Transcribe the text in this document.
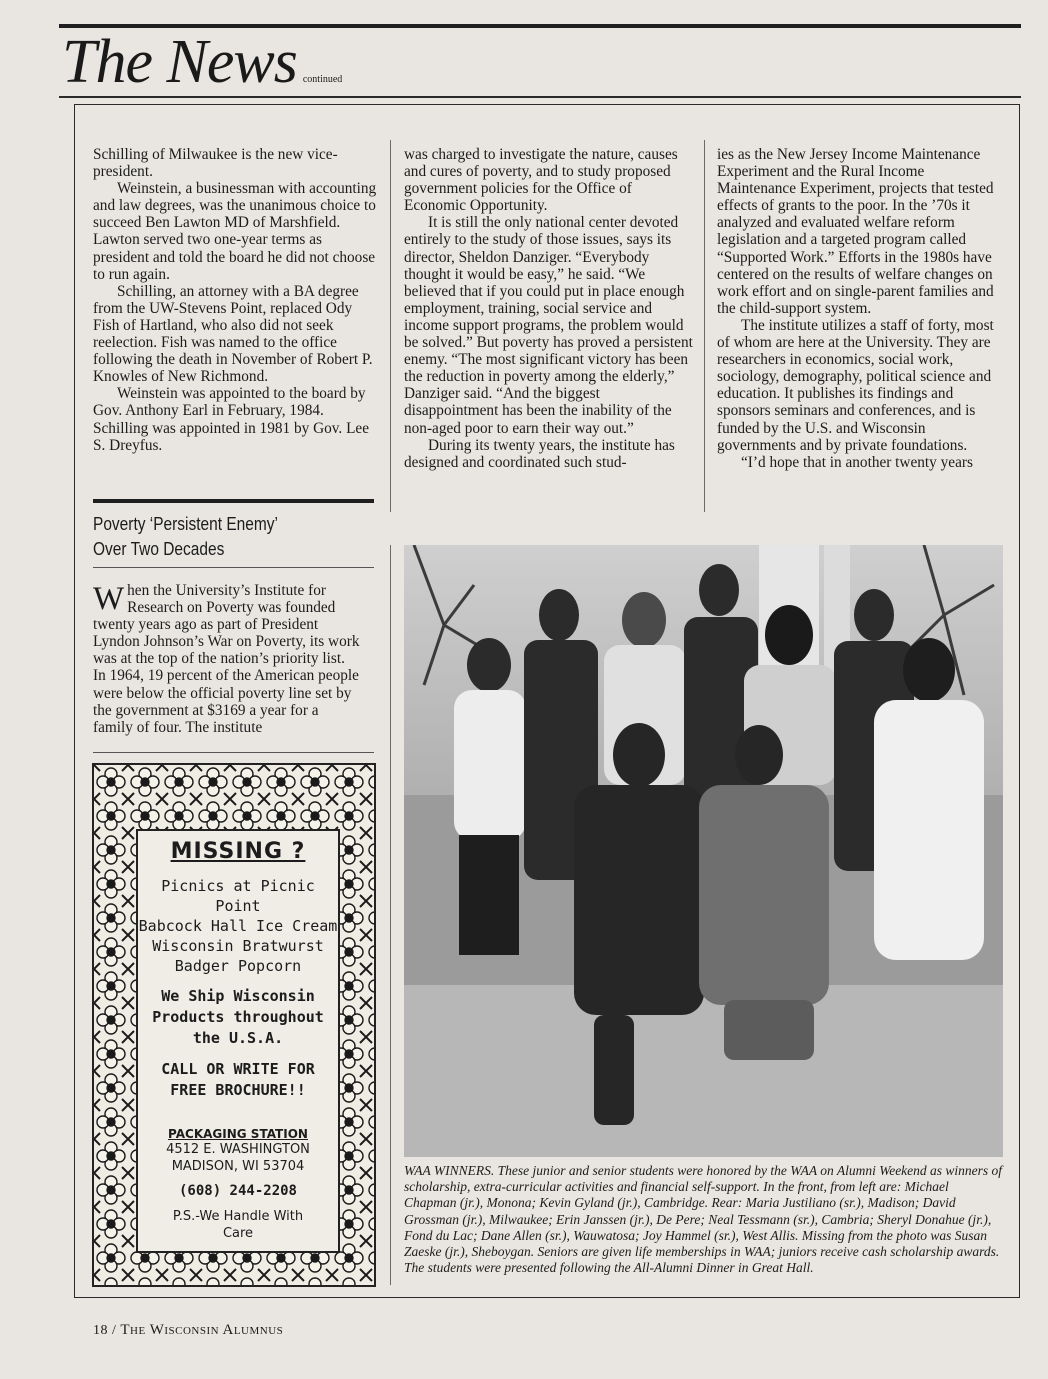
The News continued

Schilling of Milwaukee is the new vice-president.

Weinstein, a businessman with accounting and law degrees, was the unanimous choice to succeed Ben Lawton MD of Marshfield. Lawton served two one-year terms as president and told the board he did not choose to run again.

Schilling, an attorney with a BA degree from the UW-Stevens Point, replaced Ody Fish of Hartland, who also did not seek reelection. Fish was named to the office following the death in November of Robert P. Knowles of New Richmond.

Weinstein was appointed to the board by Gov. Anthony Earl in February, 1984. Schilling was appointed in 1981 by Gov. Lee S. Dreyfus.

Poverty ‘Persistent Enemy’
Over Two Decades

When the University’s Institute for Research on Poverty was founded twenty years ago as part of President Lyndon Johnson’s War on Poverty, its work was at the top of the nation’s priority list. In 1964, 19 percent of the American people were below the official poverty line set by the government at $3169 a year for a family of four. The institute

was charged to investigate the nature, causes and cures of poverty, and to study proposed government policies for the Office of Economic Opportunity.

It is still the only national center devoted entirely to the study of those issues, says its director, Sheldon Danziger. “Everybody thought it would be easy,” he said. “We believed that if you could put in place enough employment, training, social service and income support programs, the problem would be solved.” But poverty has proved a persistent enemy. “The most significant victory has been the reduction in poverty among the elderly,” Danziger said. “And the biggest disappointment has been the inability of the non-aged poor to earn their way out.”

During its twenty years, the institute has designed and coordinated such stud-

ies as the New Jersey Income Maintenance Experiment and the Rural Income Maintenance Experiment, projects that tested effects of grants to the poor. In the ’70s it analyzed and evaluated welfare reform legislation and a targeted program called “Supported Work.” Efforts in the 1980s have centered on the results of welfare changes on work effort and on single-parent families and the child-support system.

The institute utilizes a staff of forty, most of whom are here at the University. They are researchers in economics, social work, sociology, demography, political science and education. It publishes its findings and sponsors seminars and conferences, and is funded by the U.S. and Wisconsin governments and by private foundations.

“I’d hope that in another twenty years

MISSING ?
Picnics at Picnic Point
Babcock Hall Ice Cream
Wisconsin Bratwurst
Badger Popcorn
We Ship Wisconsin
Products throughout
the U.S.A.
CALL OR WRITE FOR
FREE BROCHURE!!
PACKAGING STATION
4512 E. WASHINGTON
MADISON, WI 53704
(608) 244-2208
P.S.-We Handle With
Care
WAA WINNERS. These junior and senior students were honored by the WAA on Alumni Weekend as winners of scholarship, extra-curricular activities and financial self-support. In the front, from left are: Michael Chapman (jr.), Monona; Kevin Gyland (jr.), Cambridge. Rear: Maria Justiliano (sr.), Madison; David Grossman (jr.), Milwaukee; Erin Janssen (jr.), De Pere; Neal Tessmann (sr.), Cambria; Sheryl Donahue (jr.), Fond du Lac; Dane Allen (sr.), Wauwatosa; Joy Hammel (sr.), West Allis. Missing from the photo was Susan Zaeske (jr.), Sheboygan. Seniors are given life memberships in WAA; juniors receive cash scholarship awards. The students were presented following the All-Alumni Dinner in Great Hall.
18 / The Wisconsin Alumnus
